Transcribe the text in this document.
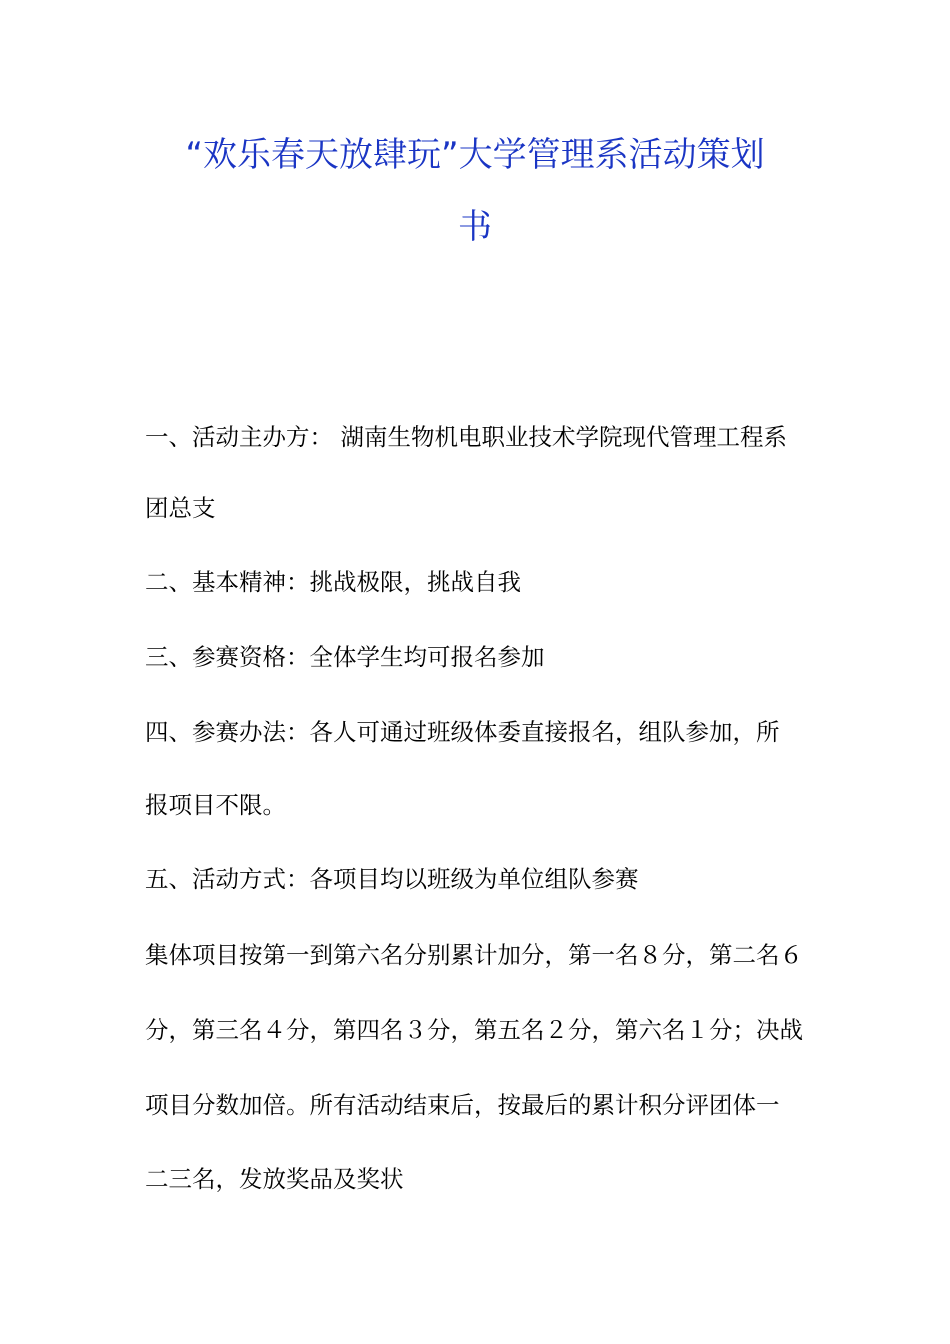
“欢乐春天放肆玩”大学管理系活动策划
书
一、活动主办方： 湖南生物机电职业技术学院现代管理工程系
团总支
二、基本精神：挑战极限，挑战自我
三、参赛资格：全体学生均可报名参加
四、参赛办法：各人可通过班级体委直接报名，组队参加，所
报项目不限。
五、活动方式：各项目均以班级为单位组队参赛
集体项目按第一到第六名分别累计加分，第一名８分，第二名６
分，第三名４分，第四名３分，第五名２分，第六名１分；决战
项目分数加倍。所有活动结束后，按最后的累计积分评团体一
二三名，发放奖品及奖状
